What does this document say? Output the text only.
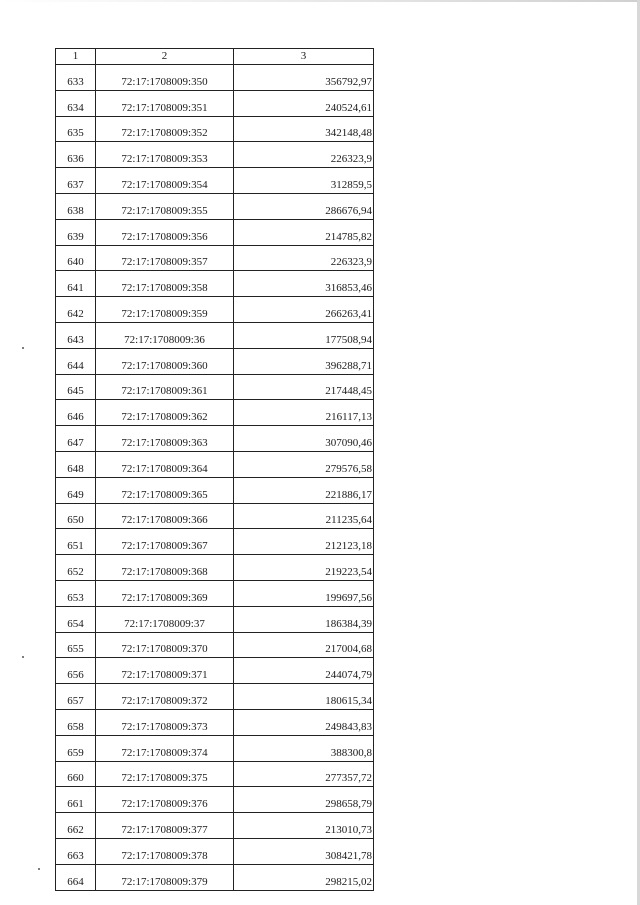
1	2	3
633	72:17:1708009:350	356792,97
634	72:17:1708009:351	240524,61
635	72:17:1708009:352	342148,48
636	72:17:1708009:353	226323,9
637	72:17:1708009:354	312859,5
638	72:17:1708009:355	286676,94
639	72:17:1708009:356	214785,82
640	72:17:1708009:357	226323,9
641	72:17:1708009:358	316853,46
642	72:17:1708009:359	266263,41
643	72:17:1708009:36	177508,94
644	72:17:1708009:360	396288,71
645	72:17:1708009:361	217448,45
646	72:17:1708009:362	216117,13
647	72:17:1708009:363	307090,46
648	72:17:1708009:364	279576,58
649	72:17:1708009:365	221886,17
650	72:17:1708009:366	211235,64
651	72:17:1708009:367	212123,18
652	72:17:1708009:368	219223,54
653	72:17:1708009:369	199697,56
654	72:17:1708009:37	186384,39
655	72:17:1708009:370	217004,68
656	72:17:1708009:371	244074,79
657	72:17:1708009:372	180615,34
658	72:17:1708009:373	249843,83
659	72:17:1708009:374	388300,8
660	72:17:1708009:375	277357,72
661	72:17:1708009:376	298658,79
662	72:17:1708009:377	213010,73
663	72:17:1708009:378	308421,78
664	72:17:1708009:379	298215,02
